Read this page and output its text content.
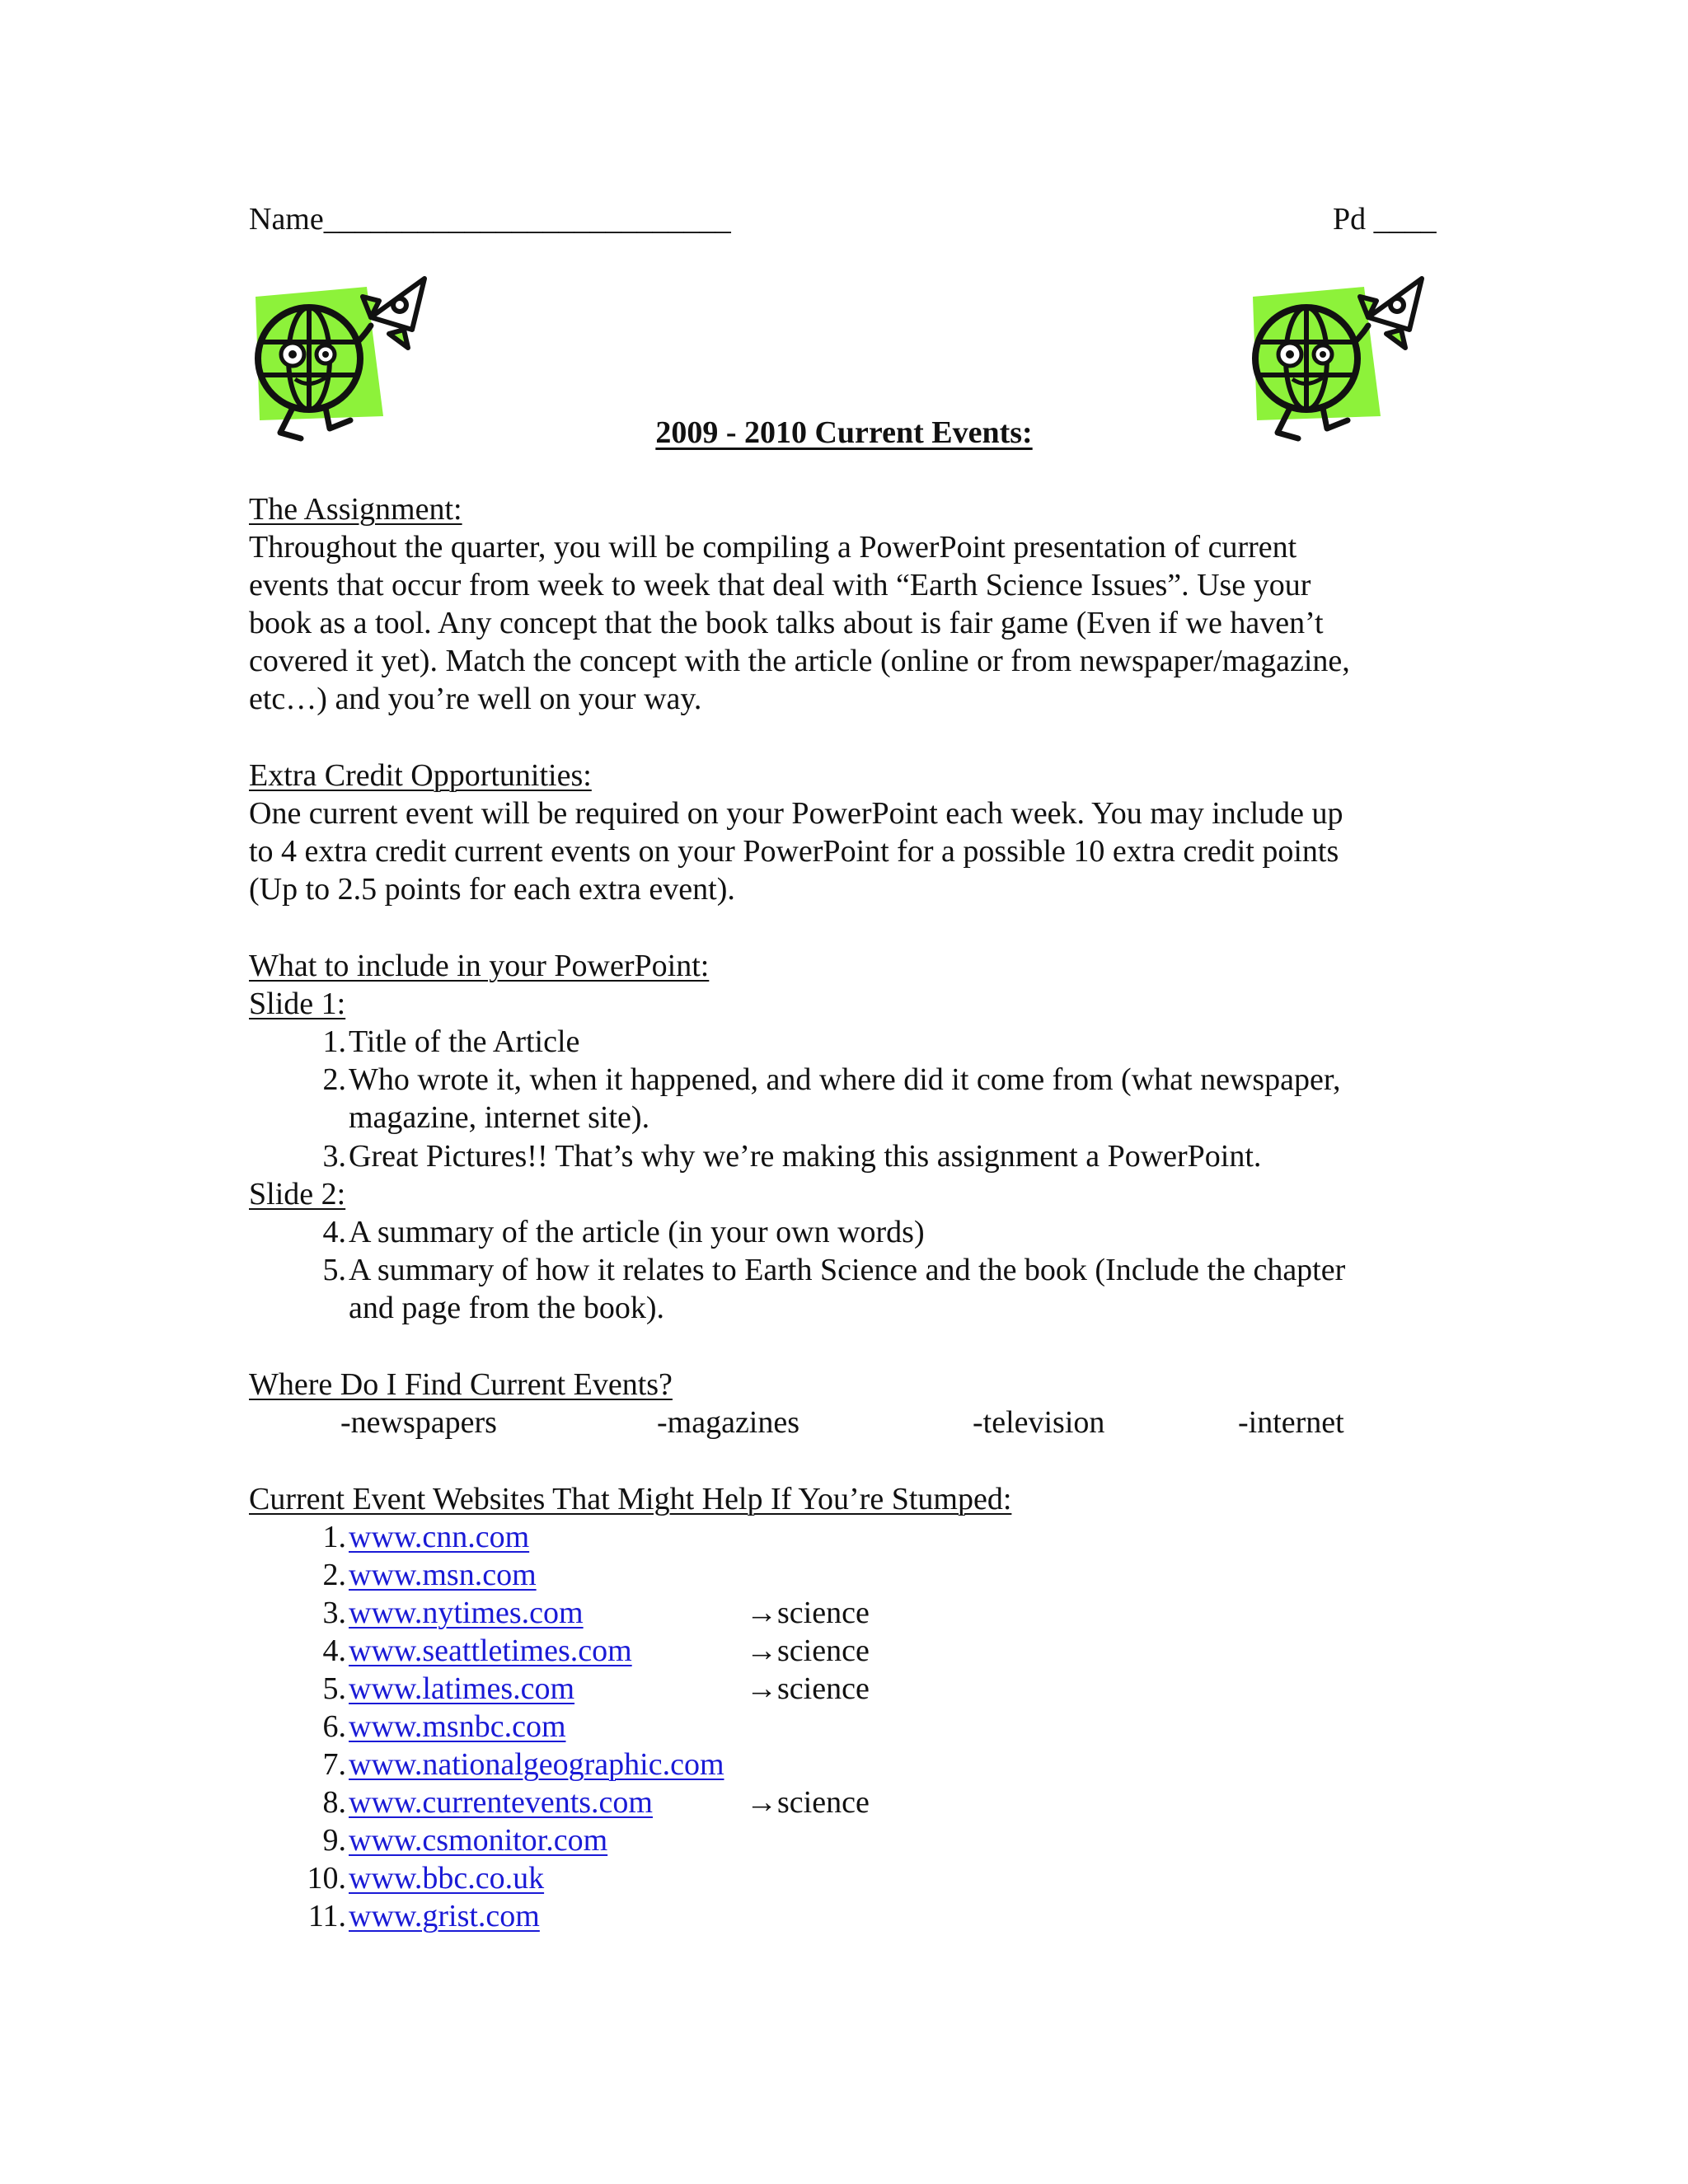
Name__________________________	Pd ____
2009 - 2010 Current Events:
The Assignment:
Throughout the quarter, you will be compiling a PowerPoint presentation of current
events that occur from week to week that deal with “Earth Science Issues”. Use your
book as a tool. Any concept that the book talks about is fair game (Even if we haven’t
covered it yet). Match the concept with the article (online or from newspaper/magazine,
etc…) and you’re well on your way.
Extra Credit Opportunities:
One current event will be required on your PowerPoint each week. You may include up
to 4 extra credit current events on your PowerPoint for a possible 10 extra credit points
(Up to 2.5 points for each extra event).
What to include in your PowerPoint:
Slide 1:
1. Title of the Article
2. Who wrote it, when it happened, and where did it come from (what newspaper,
magazine, internet site).
3. Great Pictures!! That’s why we’re making this assignment a PowerPoint.
Slide 2:
4. A summary of the article (in your own words)
5. A summary of how it relates to Earth Science and the book (Include the chapter
and page from the book).
Where Do I Find Current Events?
-newspapers	-magazines	-television	-internet
Current Event Websites That Might Help If You’re Stumped:
1. www.cnn.com
2. www.msn.com
3. www.nytimes.com	→science
4. www.seattletimes.com	→science
5. www.latimes.com	→science
6. www.msnbc.com
7. www.nationalgeographic.com
8. www.currentevents.com	→science
9. www.csmonitor.com
10. www.bbc.co.uk
11. www.grist.com
